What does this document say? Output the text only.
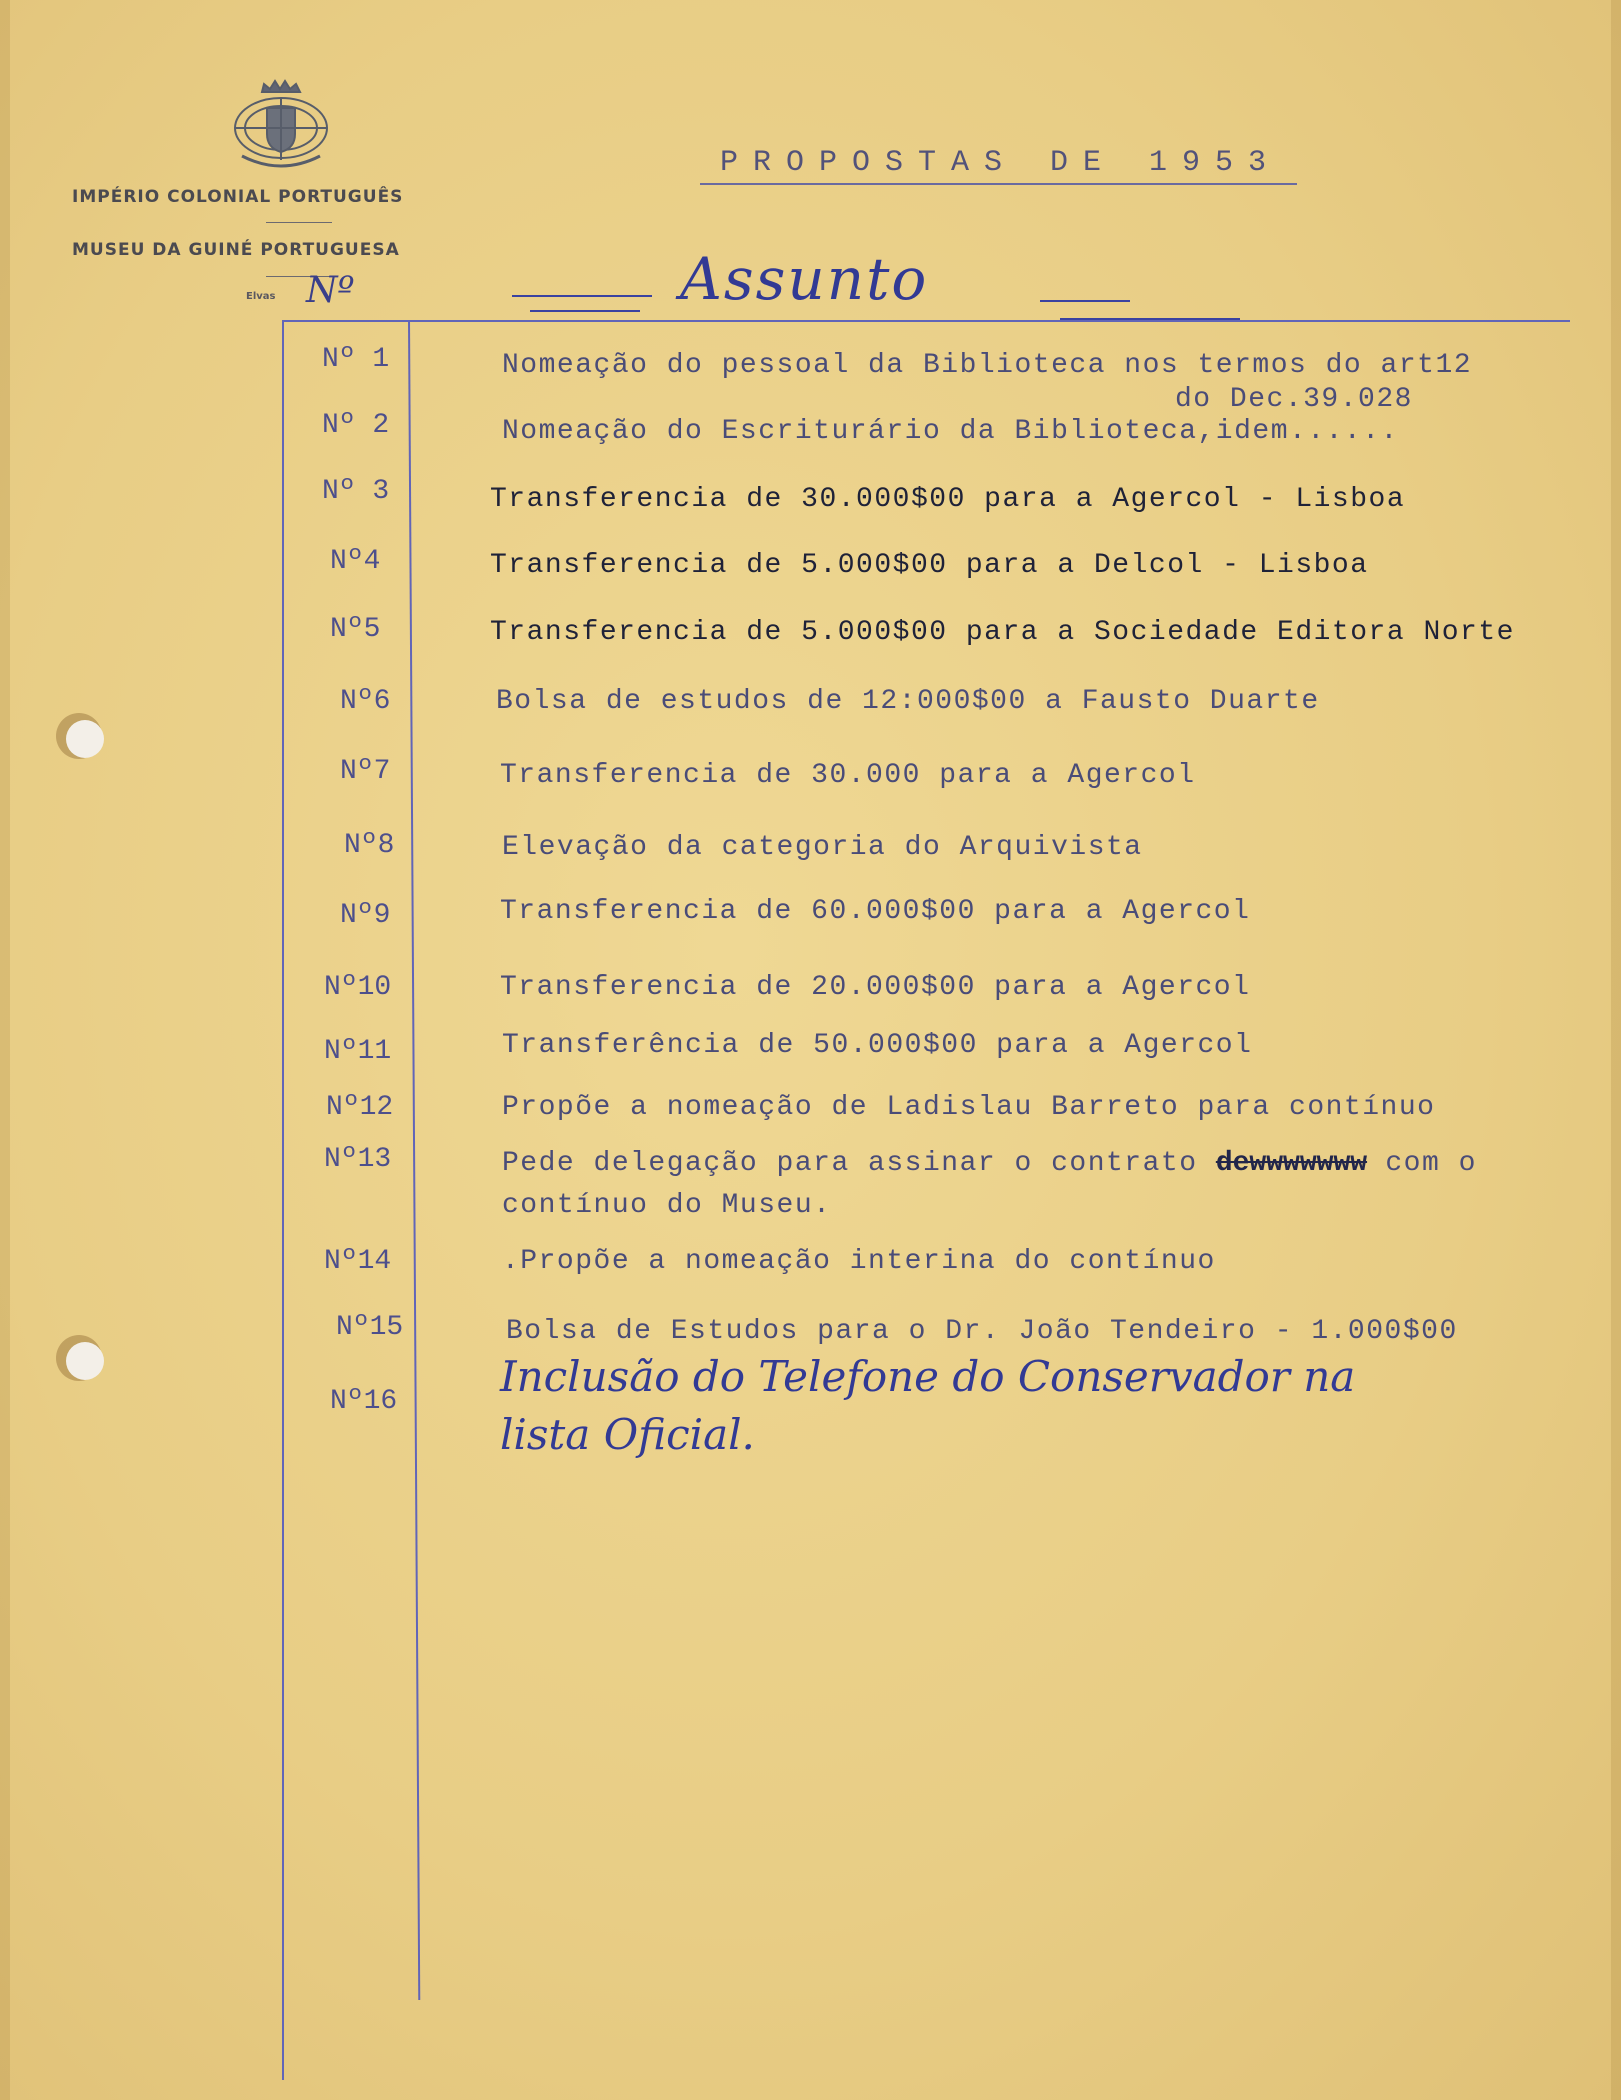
IMPÉRIO COLONIAL PORTUGUÊS
MUSEU DA GUINÉ PORTUGUESA
Elvas Nº
PROPOSTAS DE 1953
Assunto
Nº 1	Nomeação do pessoal da Biblioteca nos termos do art12
do Dec.39.028
Nº 2	Nomeação do Escriturário da Biblioteca,idem......
Nº 3	Transferencia de 30.000$00 para a Agercol - Lisboa
Nº4	Transferencia de 5.000$00 para a Delcol - Lisboa
Nº5	Transferencia de 5.000$00 para a Sociedade Editora Norte
Nº6	Bolsa de estudos de 12:000$00 a Fausto Duarte
Nº7	Transferencia de 30.000 para a Agercol
Nº8	Elevação da categoria do Arquivista
Nº9	Transferencia de 60.000$00 para a Agercol
Nº10	Transferencia de 20.000$00 para a Agercol
Nº11	Transferência de 50.000$00 para a Agercol
Nº12	Propõe a nomeação de Ladislau Barreto para contínuo
Nº13	Pede delegação para assinar o contrato dewwwwwww com o
contínuo do Museu.
Nº14	.Propõe a nomeação interina do contínuo
Nº15	Bolsa de Estudos para o Dr. João Tendeiro - 1.000$00
Nº16
Inclusão do Telefone do Conservador na
lista Oficial.
